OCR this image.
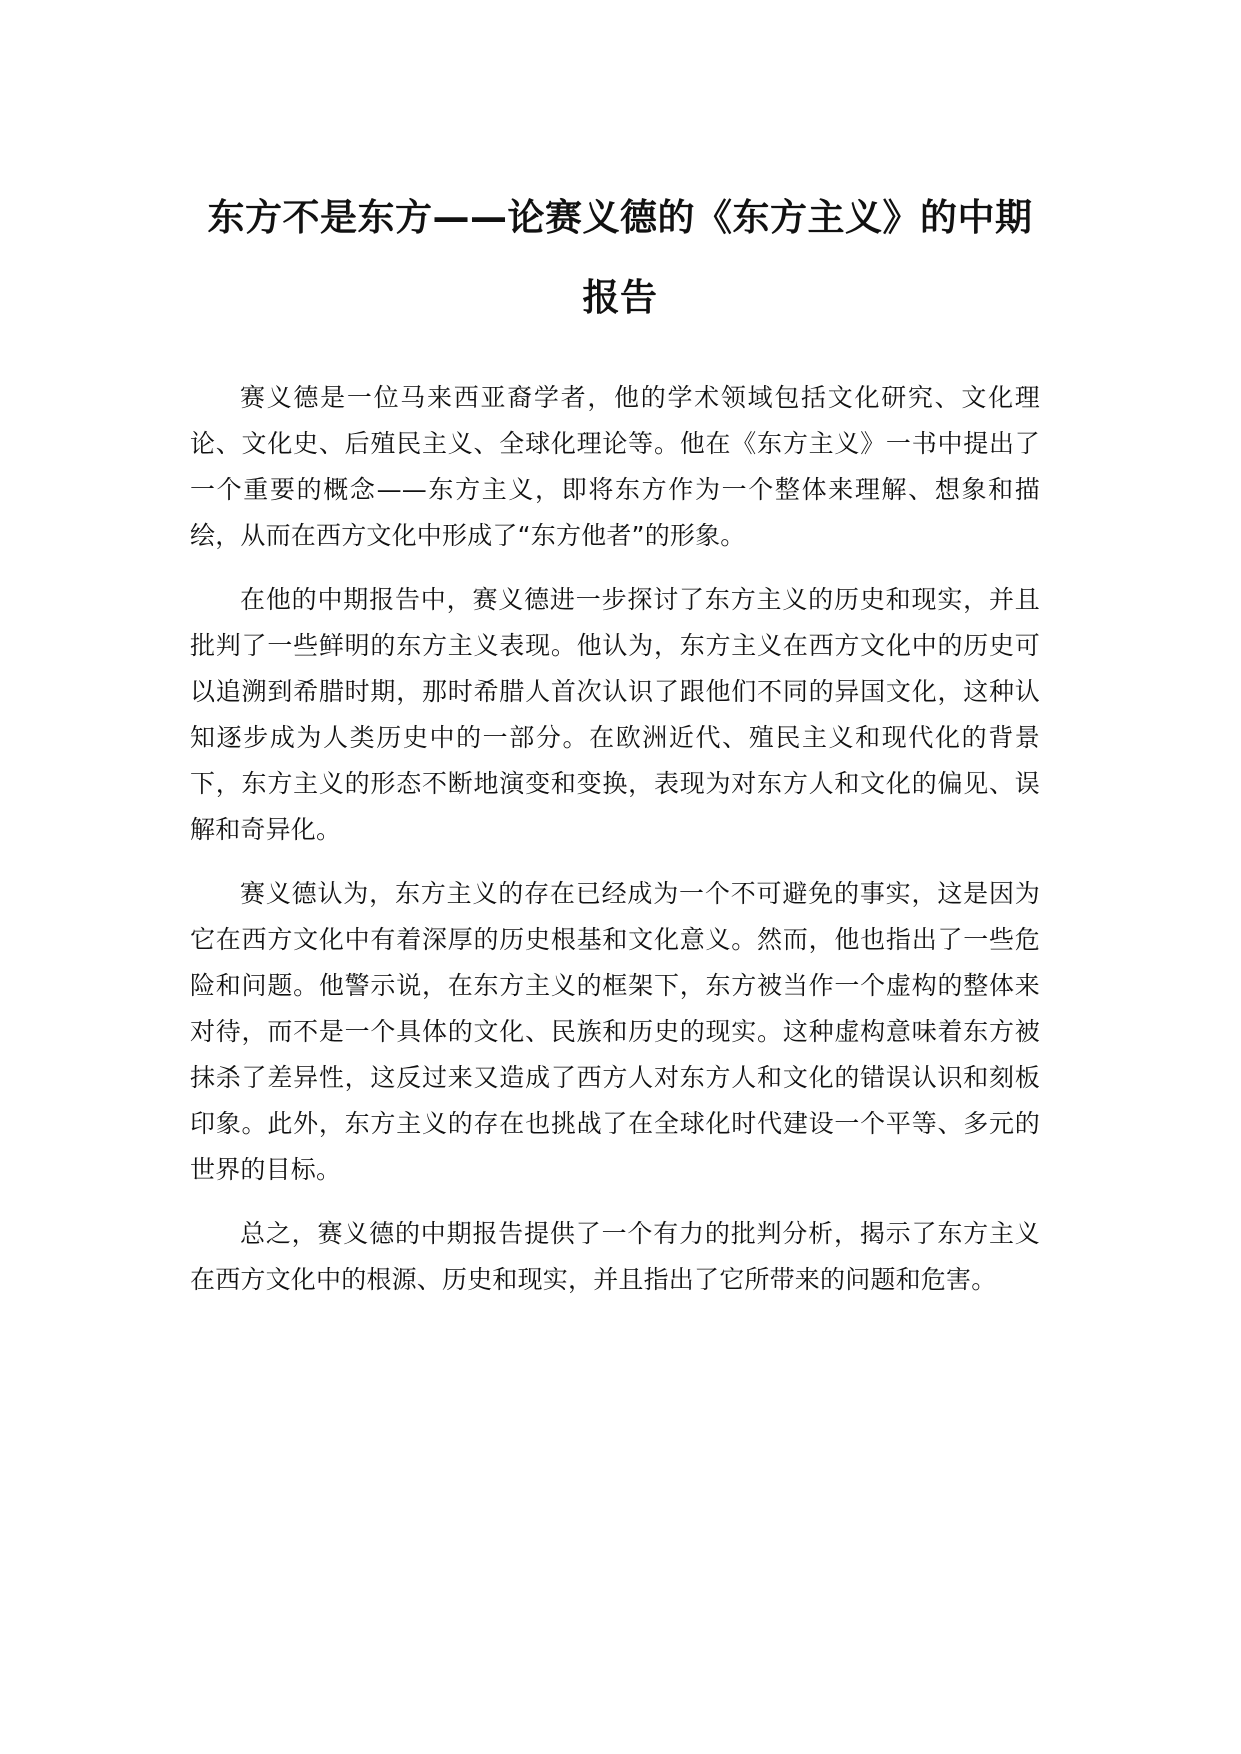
东方不是东方——论赛义德的《东方主义》的中期报告

赛义德是一位马来西亚裔学者，他的学术领域包括文化研究、文化理论、文化史、后殖民主义、全球化理论等。他在《东方主义》一书中提出了一个重要的概念——东方主义，即将东方作为一个整体来理解、想象和描绘，从而在西方文化中形成了“东方他者”的形象。

在他的中期报告中，赛义德进一步探讨了东方主义的历史和现实，并且批判了一些鲜明的东方主义表现。他认为，东方主义在西方文化中的历史可以追溯到希腊时期，那时希腊人首次认识了跟他们不同的异国文化，这种认知逐步成为人类历史中的一部分。在欧洲近代、殖民主义和现代化的背景下，东方主义的形态不断地演变和变换，表现为对东方人和文化的偏见、误解和奇异化。

赛义德认为，东方主义的存在已经成为一个不可避免的事实，这是因为它在西方文化中有着深厚的历史根基和文化意义。然而，他也指出了一些危险和问题。他警示说，在东方主义的框架下，东方被当作一个虚构的整体来对待，而不是一个具体的文化、民族和历史的现实。这种虚构意味着东方被抹杀了差异性，这反过来又造成了西方人对东方人和文化的错误认识和刻板印象。此外，东方主义的存在也挑战了在全球化时代建设一个平等、多元的世界的目标。

总之，赛义德的中期报告提供了一个有力的批判分析，揭示了东方主义在西方文化中的根源、历史和现实，并且指出了它所带来的问题和危害。
